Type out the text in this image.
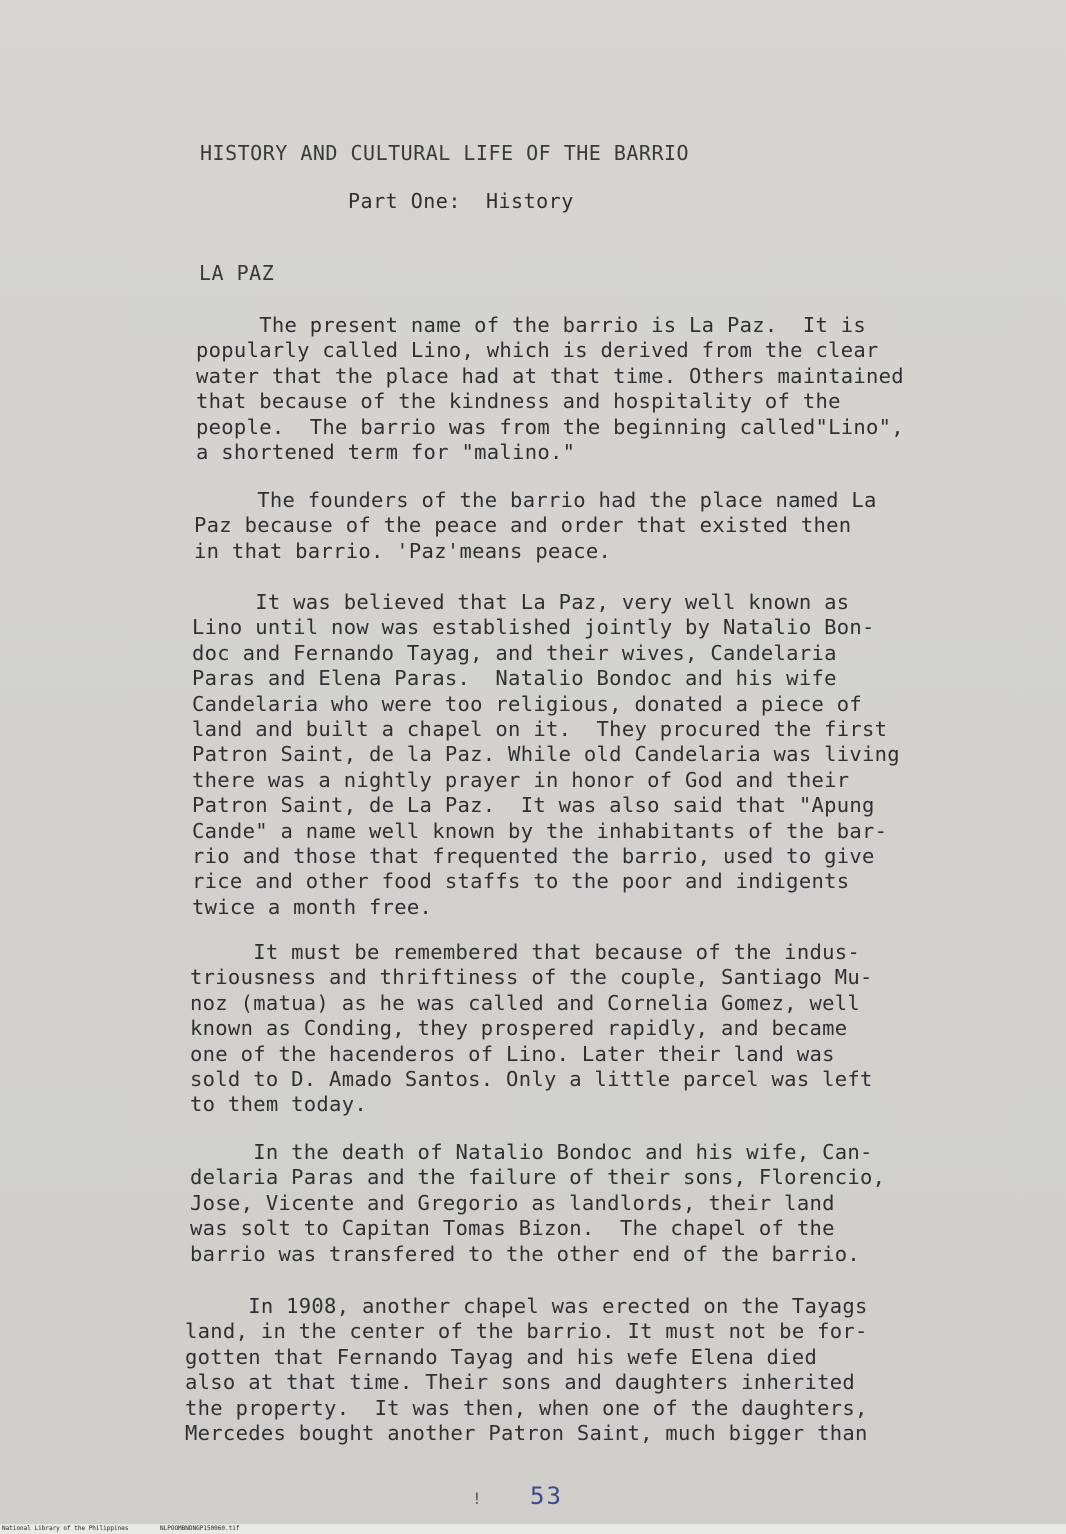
HISTORY AND CULTURAL LIFE OF THE BARRIO
Part One:  History
LA PAZ

The present name of the barrio is La Paz.  It is
popularly called Lino, which is derived from the clear
water that the place had at that time. Others maintained
that because of the kindness and hospitality of the
people.  The barrio was from the beginning called"Lino",
a shortened term for "malino."

The founders of the barrio had the place named La
Paz because of the peace and order that existed then
in that barrio. 'Paz'means peace.

It was believed that La Paz, very well known as
Lino until now was established jointly by Natalio Bon-
doc and Fernando Tayag, and their wives, Candelaria
Paras and Elena Paras.  Natalio Bondoc and his wife
Candelaria who were too religious, donated a piece of
land and built a chapel on it.  They procured the first
Patron Saint, de la Paz. While old Candelaria was living
there was a nightly prayer in honor of God and their
Patron Saint, de La Paz.  It was also said that "Apung
Cande" a name well known by the inhabitants of the bar-
rio and those that frequented the barrio, used to give
rice and other food staffs to the poor and indigents
twice a month free.

It must be remembered that because of the indus-
triousness and thriftiness of the couple, Santiago Mu-
noz (matua) as he was called and Cornelia Gomez, well
known as Conding, they prospered rapidly, and became
one of the hacenderos of Lino. Later their land was
sold to D. Amado Santos. Only a little parcel was left
to them today.

In the death of Natalio Bondoc and his wife, Can-
delaria Paras and the failure of their sons, Florencio,
Jose, Vicente and Gregorio as landlords, their land
was solt to Capitan Tomas Bizon.  The chapel of the
barrio was transfered to the other end of the barrio.

In 1908, another chapel was erected on the Tayags
land, in the center of the barrio. It must not be for-
gotten that Fernando Tayag and his wefe Elena died
also at that time. Their sons and daughters inherited
the property.  It was then, when one of the daughters,
Mercedes bought another Patron Saint, much bigger than

! 53
National Library of the Philippines	NLPOOMBNDNGP150060.tif
